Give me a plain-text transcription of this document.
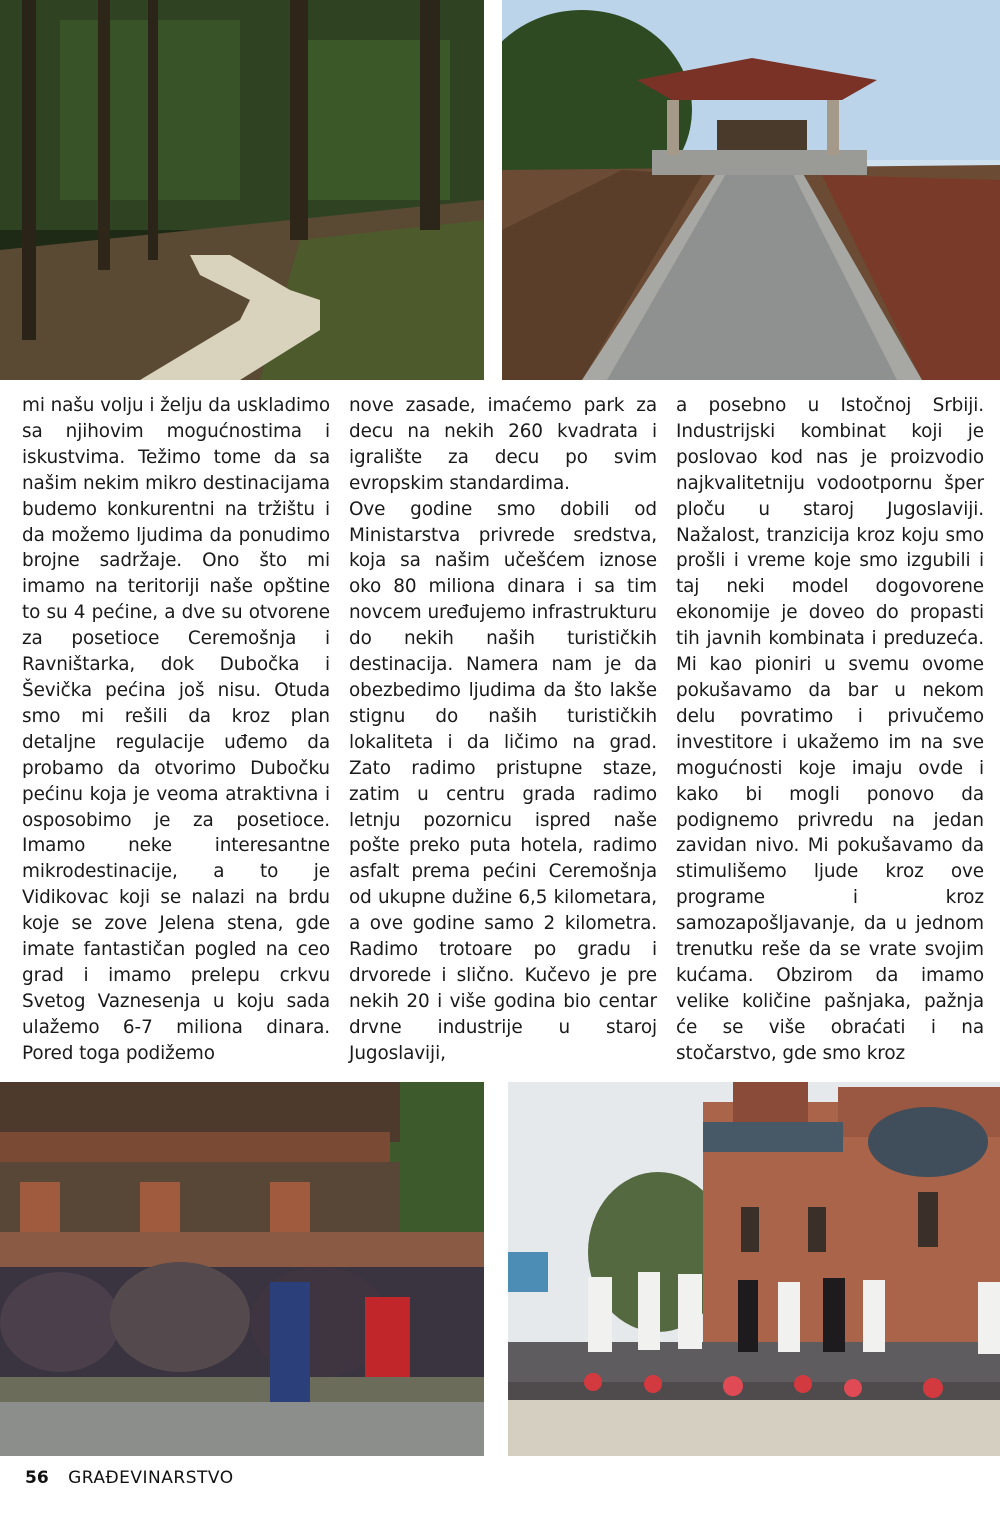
mi našu volju i želju da uskladimo sa njihovim mogućnostima i iskustvima. Težimo tome da sa našim nekim mikro destinacijama budemo konkurentni na tržištu i da možemo ljudima da ponudimo brojne sadržaje. Ono što mi imamo na teritoriji naše opštine to su 4 pećine, a dve su otvorene za posetioce Ceremošnja i Ravništarka, dok Dubočka i Ševička pećina još nisu. Otuda smo mi rešili da kroz plan detaljne regulacije uđemo da probamo da otvorimo Dubočku pećinu koja je veoma atraktivna i osposobimo je za posetioce. Imamo neke interesantne mikrodestinacije, a to je Vidikovac koji se nalazi na brdu koje se zove Jelena stena, gde imate fantastičan pogled na ceo grad i imamo prelepu crkvu Svetog Vaznesenja u koju sada ulažemo 6-7 miliona dinara. Pored toga podižemo

nove zasade, imaćemo park za decu na nekih 260 kvadrata i igralište za decu po svim evropskim standardima.
Ove godine smo dobili od Ministarstva privrede sredstva, koja sa našim učešćem iznose oko 80 miliona dinara i sa tim novcem uređujemo infrastrukturu do nekih naših turističkih destinacija. Namera nam je da obezbedimo ljudima da što lakše stignu do naših turističkih lokaliteta i da ličimo na grad. Zato radimo pristupne staze, zatim u centru grada radimo letnju pozornicu ispred naše pošte preko puta hotela, radimo asfalt prema pećini Ceremošnja od ukupne dužine 6,5 kilometara, a ove godine samo 2 kilometra. Radimo trotoare po gradu i drvorede i slično. Kučevo je pre nekih 20 i više godina bio centar drvne industrije u staroj Jugoslaviji,

a posebno u Istočnoj Srbiji. Industrijski kombinat koji je poslovao kod nas je proizvodio najkvalitetniju vodootpornu šper ploču u staroj Jugoslaviji. Nažalost, tranzicija kroz koju smo prošli i vreme koje smo izgubili i taj neki model dogovorene ekonomije je doveo do propasti tih javnih kombinata i preduzeća. Mi kao pioniri u svemu ovome pokušavamo da bar u nekom delu povratimo i privučemo investitore i ukažemo im na sve mogućnosti koje imaju ovde i kako bi mogli ponovo da podignemo privredu na jedan zavidan nivo. Mi pokušavamo da stimulišemo ljude kroz ove programe i kroz samozapošljavanje, da u jednom trenutku reše da se vrate svojim kućama. Obzirom da imamo velike količine pašnjaka, pažnja će se više obraćati i na stočarstvo, gde smo kroz

56 GRAĐEVINARSTVO
